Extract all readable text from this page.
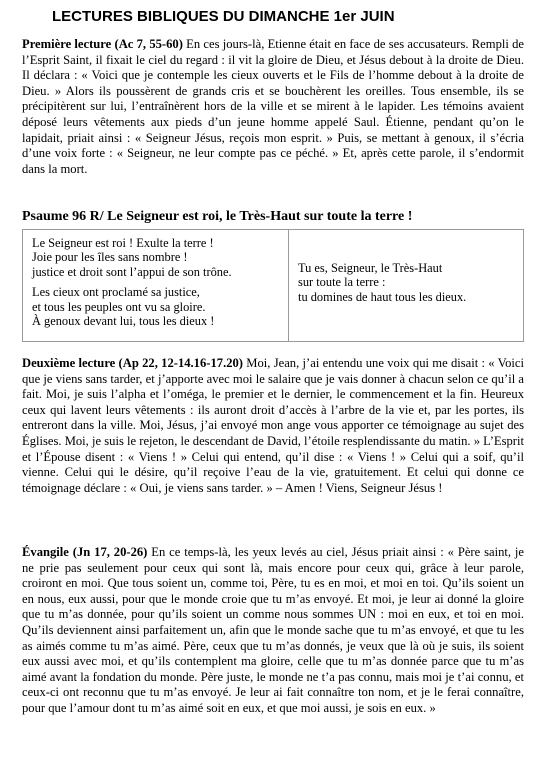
LECTURES BIBLIQUES DU DIMANCHE 1er JUIN
Première lecture (Ac 7, 55-60) En ces jours-là, Etienne était en face de ses accusateurs. Rempli de l’Esprit Saint, il fixait le ciel du regard : il vit la gloire de Dieu, et Jésus debout à la droite de Dieu. Il déclara : « Voici que je contemple les cieux ouverts et le Fils de l’homme debout à la droite de Dieu. » Alors ils poussèrent de grands cris et se bouchèrent les oreilles. Tous ensemble, ils se précipitèrent sur lui, l’entraînèrent hors de la ville et se mirent à le lapider. Les témoins avaient déposé leurs vêtements aux pieds d’un jeune homme appelé Saul. Étienne, pendant qu’on le lapidait, priait ainsi : « Seigneur Jésus, reçois mon esprit. » Puis, se mettant à genoux, il s’écria d’une voix forte : « Seigneur, ne leur compte pas ce péché. » Et, après cette parole, il s’endormit dans la mort.
Psaume 96 R/ Le Seigneur est roi, le Très-Haut sur toute la terre !
Le Seigneur est roi ! Exulte la terre !
Joie pour les îles sans nombre !
justice et droit sont l’appui de son trône.
Les cieux ont proclamé sa justice,
et tous les peuples ont vu sa gloire.
À genoux devant lui, tous les dieux !
Tu es, Seigneur, le Très-Haut
sur toute la terre :
tu domines de haut tous les dieux.
Deuxième lecture (Ap 22, 12-14.16-17.20) Moi, Jean, j’ai entendu une voix qui me disait : « Voici que je viens sans tarder, et j’apporte avec moi le salaire que je vais donner à chacun selon ce qu’il a fait. Moi, je suis l’alpha et l’oméga, le premier et le dernier, le commencement et la fin. Heureux ceux qui lavent leurs vêtements : ils auront droit d’accès à l’arbre de la vie et, par les portes, ils entreront dans la ville. Moi, Jésus, j’ai envoyé mon ange vous apporter ce témoignage au sujet des Églises. Moi, je suis le rejeton, le descendant de David, l’étoile resplendissante du matin. » L’Esprit et l’Épouse disent : « Viens ! » Celui qui entend, qu’il dise : « Viens ! » Celui qui a soif, qu’il vienne. Celui qui le désire, qu’il reçoive l’eau de la vie, gratuitement. Et celui qui donne ce témoignage déclare : « Oui, je viens sans tarder. » – Amen ! Viens, Seigneur Jésus !
Évangile (Jn 17, 20-26) En ce temps-là, les yeux levés au ciel, Jésus priait ainsi : « Père saint, je ne prie pas seulement pour ceux qui sont là, mais encore pour ceux qui, grâce à leur parole, croiront en moi. Que tous soient un, comme toi, Père, tu es en moi, et moi en toi. Qu’ils soient un en nous, eux aussi, pour que le monde croie que tu m’as envoyé. Et moi, je leur ai donné la gloire que tu m’as donnée, pour qu’ils soient un comme nous sommes UN : moi en eux, et toi en moi. Qu’ils deviennent ainsi parfaitement un, afin que le monde sache que tu m’as envoyé, et que tu les as aimés comme tu m’as aimé. Père, ceux que tu m’as donnés, je veux que là où je suis, ils soient eux aussi avec moi, et qu’ils contemplent ma gloire, celle que tu m’as donnée parce que tu m’as aimé avant la fondation du monde. Père juste, le monde ne t’a pas connu, mais moi je t’ai connu, et ceux-ci ont reconnu que tu m’as envoyé. Je leur ai fait connaître ton nom, et je le ferai connaître, pour que l’amour dont tu m’as aimé soit en eux, et que moi aussi, je sois en eux. »
